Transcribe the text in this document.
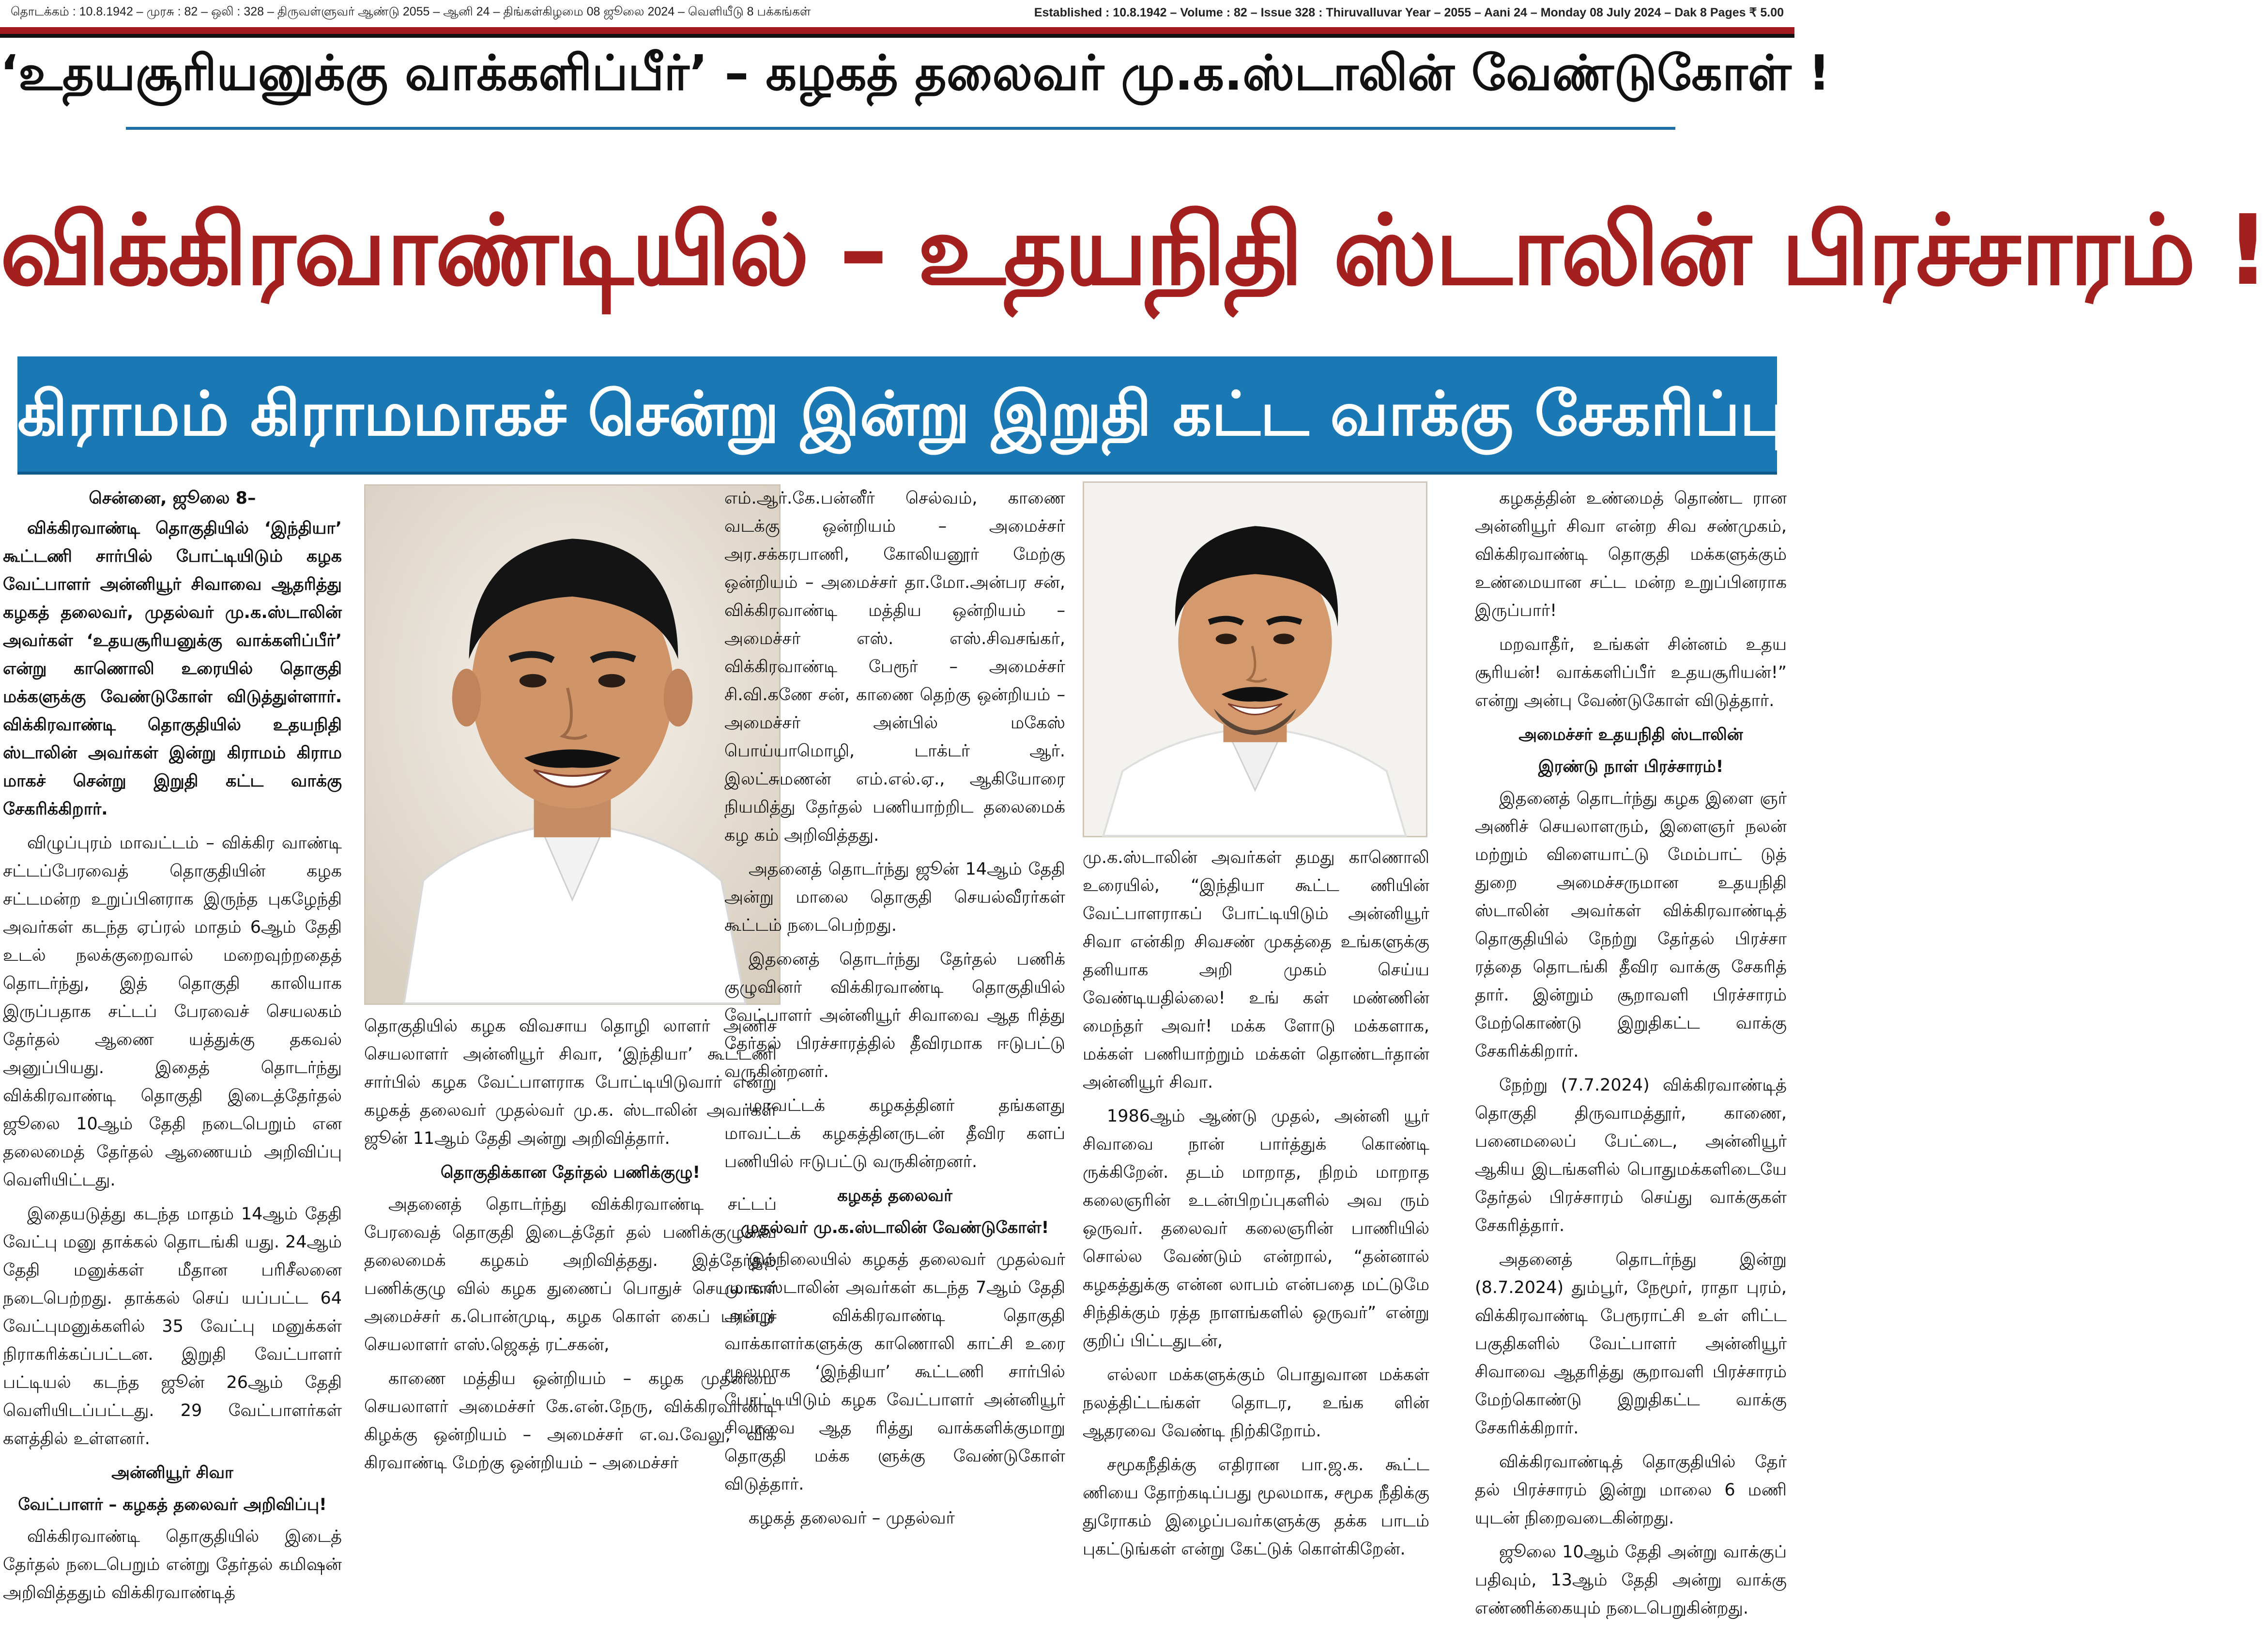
தொடக்கம் : 10.8.1942 – முரசு : 82 – ஒலி : 328 – திருவள்ளுவர் ஆண்டு 2055 – ஆனி 24 – திங்கள்கிழமை 08 ஜூலை 2024 – வெளியீடு 8 பக்கங்கள்	Established : 10.8.1942 – Volume : 82 – Issue 328 : Thiruvalluvar Year – 2055 – Aani 24 – Monday 08 July 2024 – Dak 8 Pages ₹ 5.00
‘உதயசூரியனுக்கு வாக்களிப்பீர்’ – கழகத் தலைவர் மு.க.ஸ்டாலின் வேண்டுகோள் !
விக்கிரவாண்டியில் – உதயநிதி ஸ்டாலின் பிரச்சாரம் !
கிராமம் கிராமமாகச் சென்று இன்று இறுதி கட்ட வாக்கு சேகரிப்பு !

சென்னை, ஜூலை 8–

விக்கிரவாண்டி தொகுதியில் ‘இந்தியா’ கூட்டணி சார்பில் போட்டியிடும் கழக வேட்பாளர் அன்னியூர் சிவாவை ஆதரித்து கழகத் தலைவர், முதல்வர் மு.க.ஸ்டாலின் அவர்கள் ‘உதயசூரியனுக்கு வாக்களிப்பீர்’ என்று காணொலி உரையில் தொகுதி மக்களுக்கு வேண்டுகோள் விடுத்துள்ளார். விக்கிரவாண்டி தொகுதியில் உதயநிதி ஸ்டாலின் அவர்கள் இன்று கிராமம் கிராம மாகச் சென்று இறுதி கட்ட வாக்கு சேகரிக்கிறார்.

விழுப்புரம் மாவட்டம் – விக்கிர வாண்டி சட்டப்பேரவைத் தொகுதியின் கழக சட்டமன்ற உறுப்பினராக இருந்த புகழேந்தி அவர்கள் கடந்த ஏப்ரல் மாதம் 6ஆம் தேதி உடல் நலக்குறைவால் மறைவுற்றதைத் தொடர்ந்து, இத் தொகுதி காலியாக இருப்பதாக சட்டப் பேரவைச் செயலகம் தேர்தல் ஆணை யத்துக்கு தகவல் அனுப்பியது. இதைத் தொடர்ந்து விக்கிரவாண்டி தொகுதி இடைத்தேர்தல் ஜூலை 10ஆம் தேதி நடைபெறும் என தலைமைத் தேர்தல் ஆணையம் அறிவிப்பு வெளியிட்டது.

இதையடுத்து கடந்த மாதம் 14ஆம் தேதி வேட்பு மனு தாக்கல் தொடங்கி யது. 24ஆம் தேதி மனுக்கள் மீதான பரிசீலனை நடைபெற்றது. தாக்கல் செய் யப்பட்ட 64 வேட்புமனுக்களில் 35 வேட்பு மனுக்கள் நிராகரிக்கப்பட்டன. இறுதி வேட்பாளர் பட்டியல் கடந்த ஜூன் 26ஆம் தேதி வெளியிடப்பட்டது. 29 வேட்பாளர்கள் களத்தில் உள்ளனர்.

அன்னியூர் சிவா
வேட்பாளர் – கழகத் தலைவர் அறிவிப்பு!

விக்கிரவாண்டி தொகுதியில் இடைத் தேர்தல் நடைபெறும் என்று தேர்தல் கமிஷன் அறிவித்ததும் விக்கிரவாண்டித்

தொகுதியில் கழக விவசாய தொழி லாளர் அணிச் செயலாளர் அன்னியூர் சிவா, ‘இந்தியா’ கூட்டணி சார்பில் கழக வேட்பாளராக போட்டியிடுவார் என்று கழகத் தலைவர் முதல்வர் மு.க. ஸ்டாலின் அவர்கள் ஜூன் 11ஆம் தேதி அன்று அறிவித்தார்.

தொகுதிக்கான தேர்தல் பணிக்குழு!

அதனைத் தொடர்ந்து விக்கிரவாண்டி சட்டப் பேரவைத் தொகுதி இடைத்தேர் தல் பணிக்குழுவை தலைமைக் கழகம் அறிவித்தது. இத்தேர்தல் பணிக்குழு வில் கழக துணைப் பொதுச் செயலாளர் அமைச்சர் க.பொன்முடி, கழக கொள் கைப் பரப்புச் செயலாளர் எஸ்.ஜெகத் ரட்சகன்,

காணை மத்திய ஒன்றியம் – கழக முதன்மை செயலாளர் அமைச்சர் கே.என்.நேரு, விக்கிரவாண்டி கிழக்கு ஒன்றியம் – அமைச்சர் எ.வ.வேலு, விக் கிரவாண்டி மேற்கு ஒன்றியம் – அமைச்சர்

எம்.ஆர்.கே.பன்னீர் செல்வம், காணை வடக்கு ஒன்றியம் – அமைச்சர் அர.சக்கரபாணி, கோலியனூர் மேற்கு ஒன்றியம் – அமைச்சர் தா.மோ.அன்பர சன், விக்கிரவாண்டி மத்திய ஒன்றியம் – அமைச்சர் எஸ். எஸ்.சிவசங்கர், விக்கிரவாண்டி பேரூர் – அமைச்சர் சி.வி.கணே சன், காணை தெற்கு ஒன்றியம் – அமைச்சர் அன்பில் மகேஸ் பொய்யாமொழி, டாக்டர் ஆர். இலட்சுமணன் எம்.எல்.ஏ., ஆகியோரை நியமித்து தேர்தல் பணியாற்றிட தலைமைக் கழ கம் அறிவித்தது.

அதனைத் தொடர்ந்து ஜூன் 14ஆம் தேதி அன்று மாலை தொகுதி செயல்வீரர்கள் கூட்டம் நடைபெற்றது.

இதனைத் தொடர்ந்து தேர்தல் பணிக் குழுவினர் விக்கிரவாண்டி தொகுதியில் வேட்பாளர் அன்னியூர் சிவாவை ஆத ரித்து தேர்தல் பிரச்சாரத்தில் தீவிரமாக ஈடுபட்டு வருகின்றனர்.

மாவட்டக் கழகத்தினர் தங்களது மாவட்டக் கழகத்தினருடன் தீவிர களப் பணியில் ஈடுபட்டு வருகின்றனர்.

கழகத் தலைவர்
முதல்வர் மு.க.ஸ்டாலின் வேண்டுகோள்!

இந்நிலையில் கழகத் தலைவர் முதல்வர் மு.க.ஸ்டாலின் அவர்கள் கடந்த 7ஆம் தேதி அன்று விக்கிரவாண்டி தொகுதி வாக்காளர்களுக்கு காணொலி காட்சி உரை மூலமாக ‘இந்தியா’ கூட்டணி சார்பில் போட்டியிடும் கழக வேட்பாளர் அன்னியூர் சிவாவை ஆத ரித்து வாக்களிக்குமாறு தொகுதி மக்க ளுக்கு வேண்டுகோள் விடுத்தார்.

கழகத் தலைவர் – முதல்வர்

மு.க.ஸ்டாலின் அவர்கள் தமது காணொலி உரையில், “இந்தியா கூட்ட ணியின் வேட்பாளராகப் போட்டியிடும் அன்னியூர் சிவா என்கிற சிவசண் முகத்தை உங்களுக்கு தனியாக அறி முகம் செய்ய வேண்டியதில்லை! உங் கள் மண்ணின் மைந்தர் அவர்! மக்க ளோடு மக்களாக, மக்கள் பணியாற்றும் மக்கள் தொண்டர்தான் அன்னியூர் சிவா.

1986ஆம் ஆண்டு முதல், அன்னி யூர் சிவாவை நான் பார்த்துக் கொண்டி ருக்கிறேன். தடம் மாறாத, நிறம் மாறாத கலைஞரின் உடன்பிறப்புகளில் அவ ரும் ஒருவர். தலைவர் கலைஞரின் பாணியில் சொல்ல வேண்டும் என்றால், “தன்னால் கழகத்துக்கு என்ன லாபம் என்பதை மட்டுமே சிந்திக்கும் ரத்த நாளங்களில் ஒருவர்” என்று குறிப் பிட்டதுடன்,

எல்லா மக்களுக்கும் பொதுவான மக்கள் நலத்திட்டங்கள் தொடர, உங்க ளின் ஆதரவை வேண்டி நிற்கிறோம்.

சமூகநீதிக்கு எதிரான பா.ஜ.க. கூட்ட ணியை தோற்கடிப்பது மூலமாக, சமூக நீதிக்கு துரோகம் இழைப்பவர்களுக்கு தக்க பாடம் புகட்டுங்கள் என்று கேட்டுக் கொள்கிறேன்.

கழகத்தின் உண்மைத் தொண்ட ரான அன்னியூர் சிவா என்ற சிவ சண்முகம், விக்கிரவாண்டி தொகுதி மக்களுக்கும் உண்மையான சட்ட மன்ற உறுப்பினராக இருப்பார்!

மறவாதீர், உங்கள் சின்னம் உதய சூரியன்! வாக்களிப்பீர் உதயசூரியன்!” என்று அன்பு வேண்டுகோள் விடுத்தார்.

அமைச்சர் உதயநிதி ஸ்டாலின்
இரண்டு நாள் பிரச்சாரம்!

இதனைத் தொடர்ந்து கழக இளை ஞர் அணிச் செயலாளரும், இளைஞர் நலன் மற்றும் விளையாட்டு மேம்பாட் டுத் துறை அமைச்சருமான உதயநிதி ஸ்டாலின் அவர்கள் விக்கிரவாண்டித் தொகுதியில் நேற்று தேர்தல் பிரச்சா ரத்தை தொடங்கி தீவிர வாக்கு சேகரித் தார். இன்றும் சூறாவளி பிரச்சாரம் மேற்கொண்டு இறுதிகட்ட வாக்கு சேகரிக்கிறார்.

நேற்று (7.7.2024) விக்கிரவாண்டித் தொகுதி திருவாமத்தூர், காணை, பனைமலைப் பேட்டை, அன்னியூர் ஆகிய இடங்களில் பொதுமக்களிடையே தேர்தல் பிரச்சாரம் செய்து வாக்குகள் சேகரித்தார்.

அதனைத் தொடர்ந்து இன்று (8.7.2024) தும்பூர், நேமூர், ராதா புரம், விக்கிரவாண்டி பேரூராட்சி உள் ளிட்ட பகுதிகளில் வேட்பாளர் அன்னியூர் சிவாவை ஆதரித்து சூறாவளி பிரச்சாரம் மேற்கொண்டு இறுதிகட்ட வாக்கு சேகரிக்கிறார்.

விக்கிரவாண்டித் தொகுதியில் தேர் தல் பிரச்சாரம் இன்று மாலை 6 மணி யுடன் நிறைவடைகின்றது.

ஜூலை 10ஆம் தேதி அன்று வாக்குப் பதிவும், 13ஆம் தேதி அன்று வாக்கு எண்ணிக்கையும் நடைபெறுகின்றது.
